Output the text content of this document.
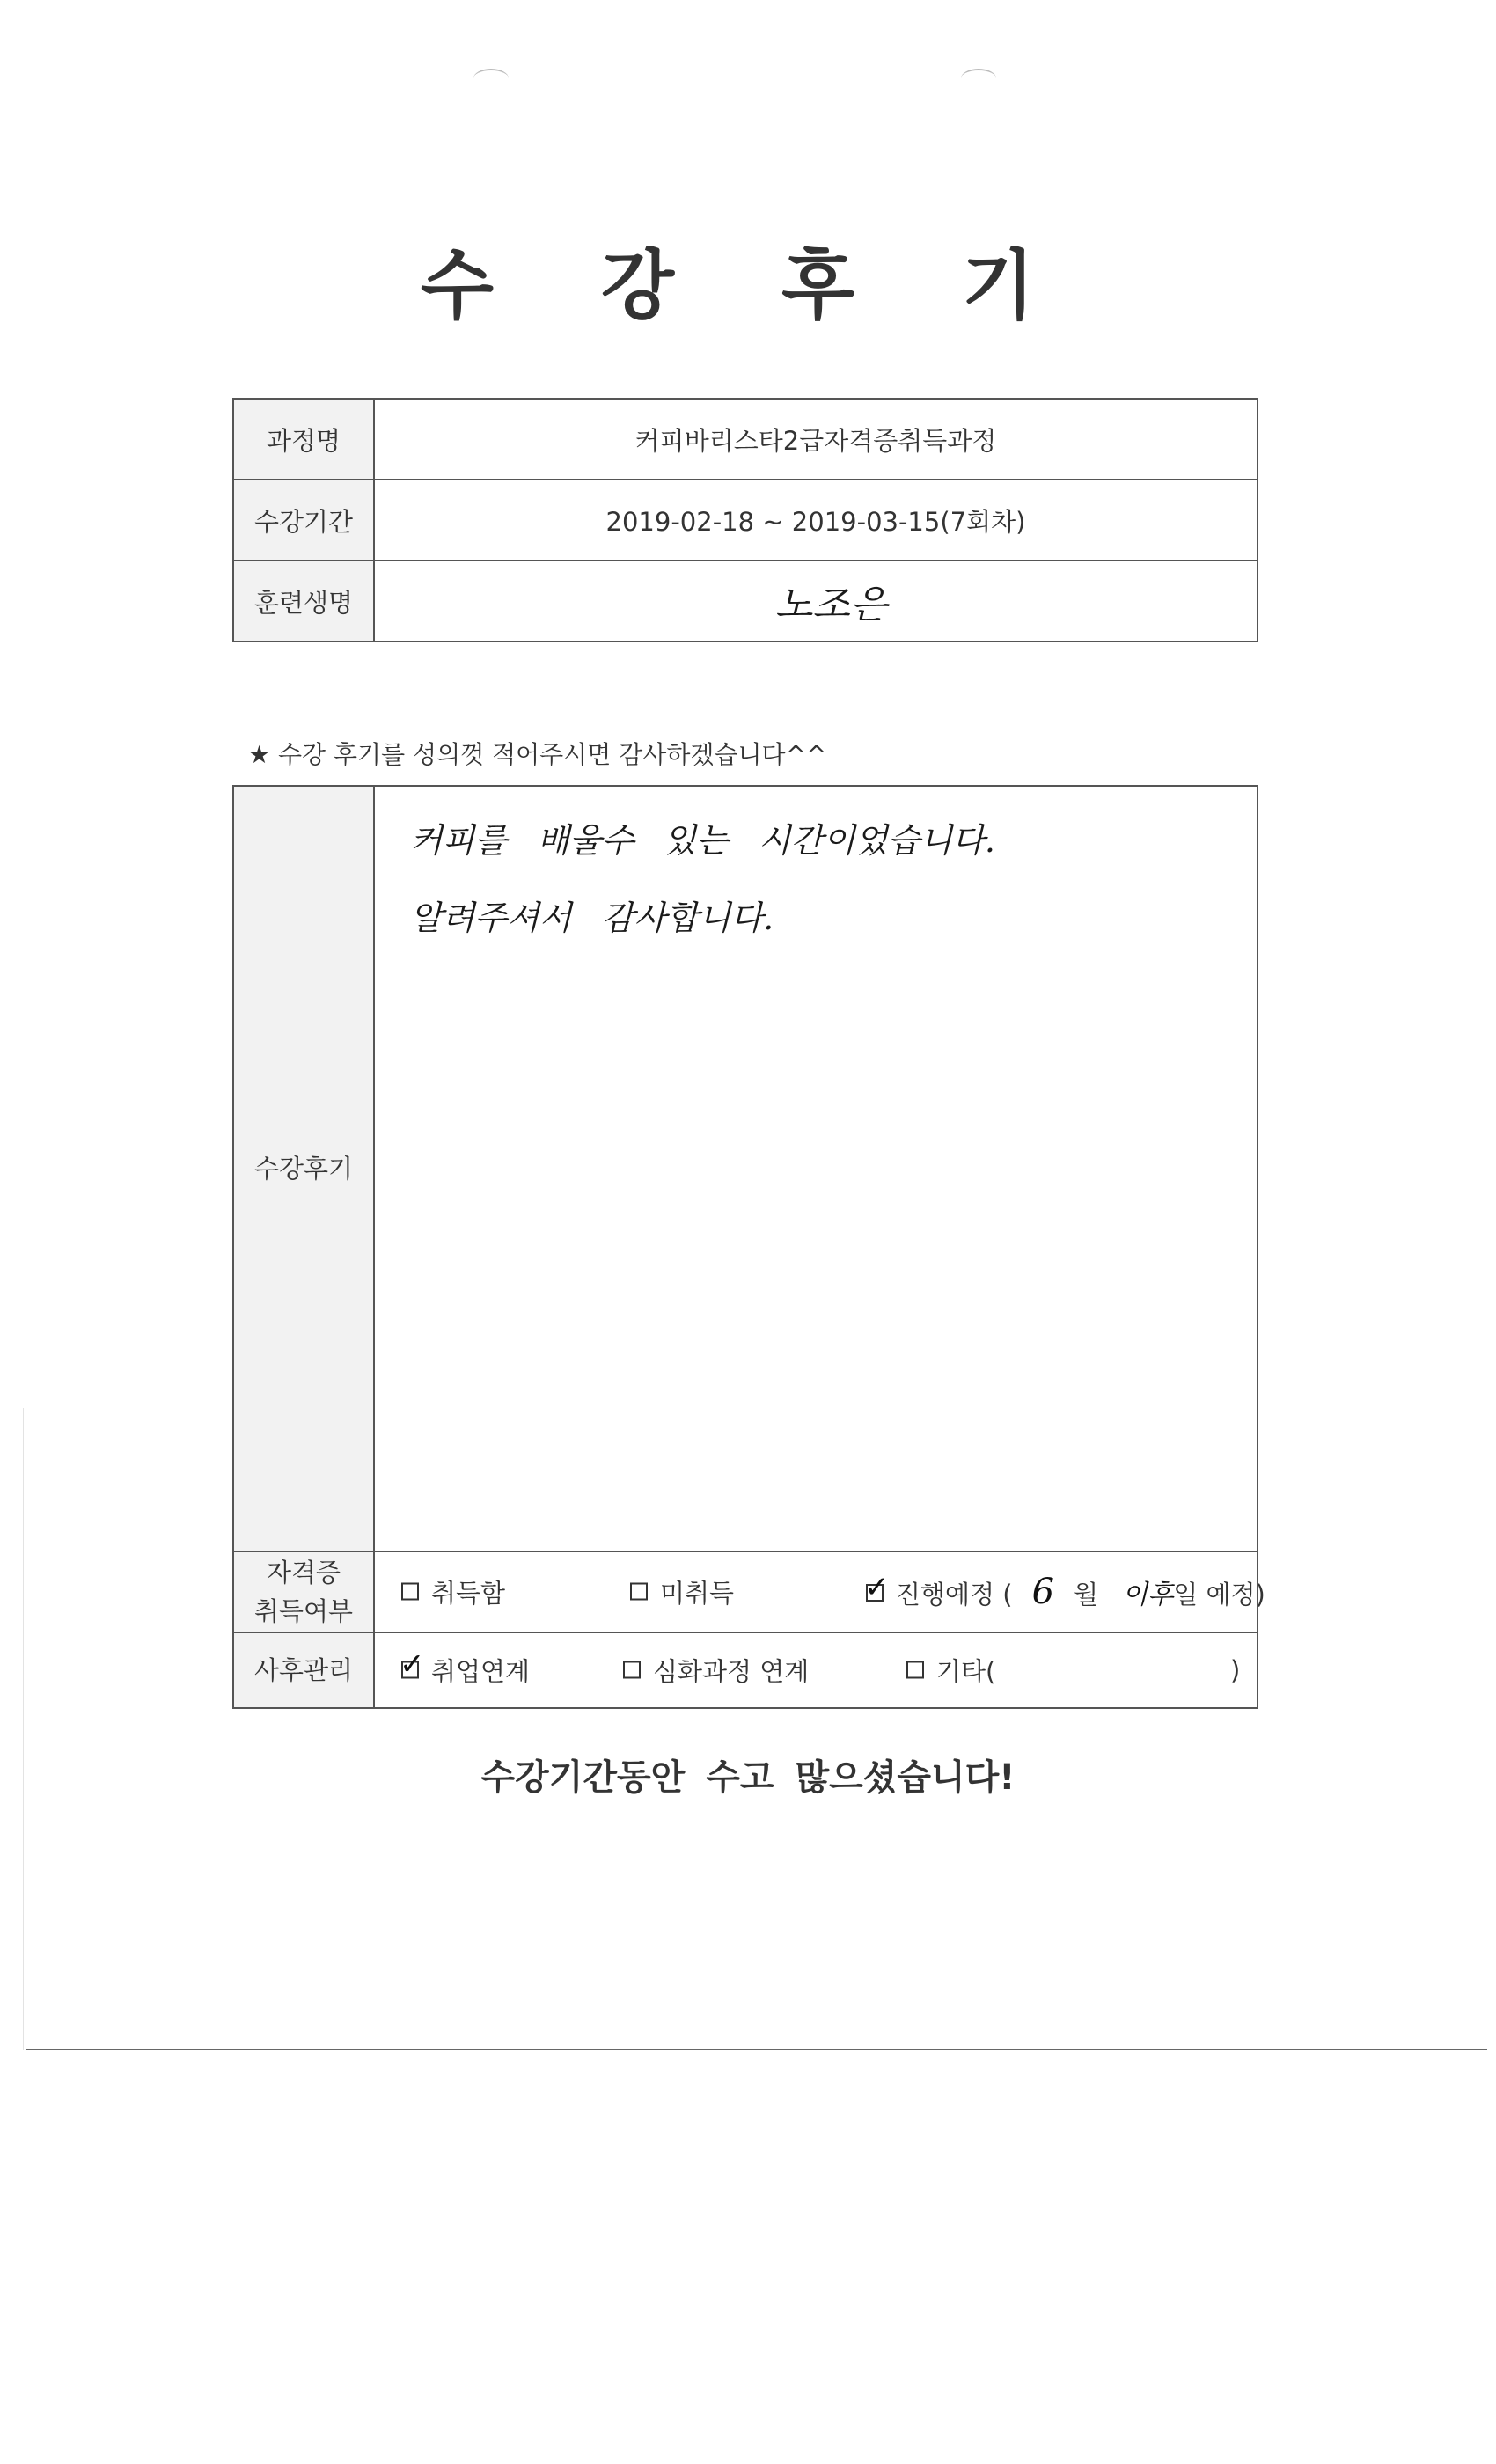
수 강 후 기
과정명	커피바리스타2급자격증취득과정
수강기간	2019-02-18 ~ 2019-03-15(7회차)
훈련생명	노조은
★ 수강 후기를 성의껏 적어주시면 감사하겠습니다^^
수강후기	커피를 배울수 있는 시간이었습니다.
알려주셔서 감사합니다.

자격증
취득여부	취득함 미취득 ✓ 진행예정 ( 6 월 이후일 예정)

사후관리	✓ 취업연계 심화과정 연계 기타( )
수강기간동안 수고 많으셨습니다!
